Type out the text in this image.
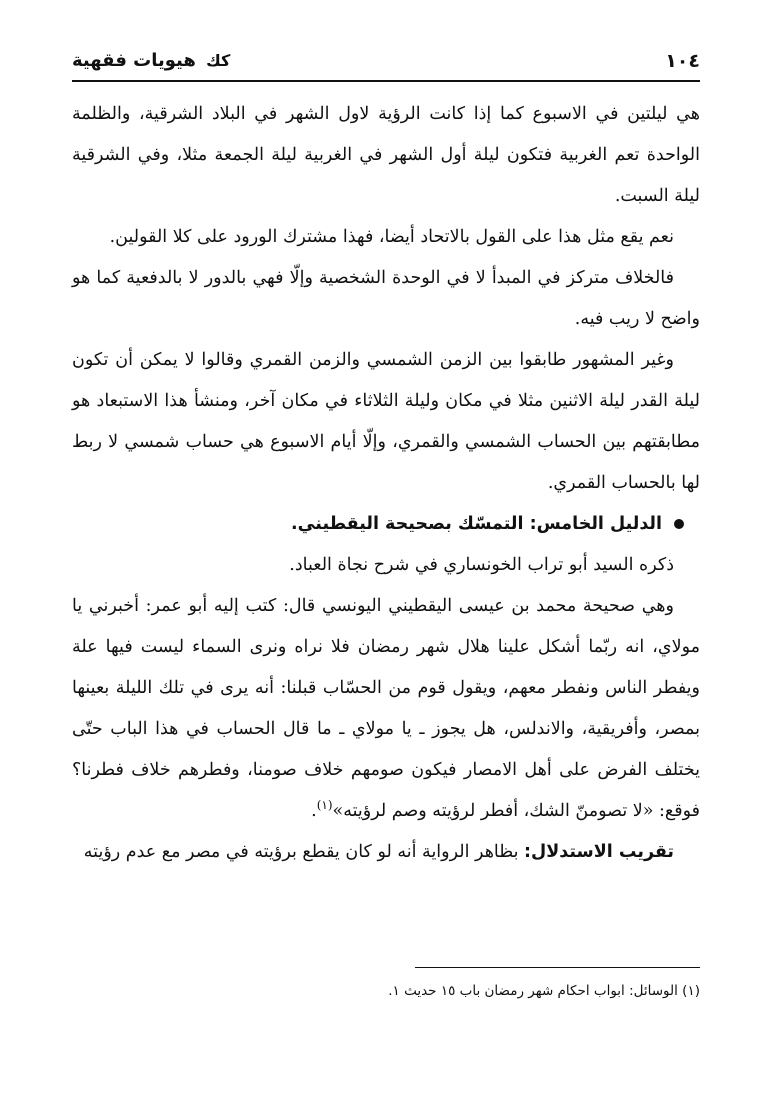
١٠٤
كك هيويات فقهية

هي ليلتين في الاسبوع كما إذا كانت الرؤية لاول الشهر في البلاد الشرقية، والظلمة الواحدة تعم الغربية فتكون ليلة أول الشهر في الغربية ليلة الجمعة مثلا، وفي الشرقية ليلة السبت.

نعم يقع مثل هذا على القول بالاتحاد أيضا، فهذا مشترك الورود على كلا القولين.

فالخلاف متركز في المبدأ لا في الوحدة الشخصية وإلّا فهي بالدور لا بالدفعية كما هو واضح لا ريب فيه.

وغير المشهور طابقوا بين الزمن الشمسي والزمن القمري وقالوا لا يمكن أن تكون ليلة القدر ليلة الاثنين مثلا في مكان وليلة الثلاثاء في مكان آخر، ومنشأ هذا الاستبعاد هو مطابقتهم بين الحساب الشمسي والقمري، وإلّا أيام الاسبوع هي حساب شمسي لا ربط لها بالحساب القمري.

الدليل الخامس: التمسّك بصحيحة اليقطيني.

ذكره السيد أبو تراب الخونساري في شرح نجاة العباد.

وهي صحيحة محمد بن عيسى اليقطيني اليونسي قال: كتب إليه أبو عمر: أخبرني يا مولاي، انه ربّما أشكل علينا هلال شهر رمضان فلا نراه ونرى السماء ليست فيها علة ويفطر الناس ونفطر معهم، ويقول قوم من الحسّاب قبلنا: أنه يرى في تلك الليلة بعينها بمصر، وأفريقية، والاندلس، هل يجوز ـ يا مولاي ـ ما قال الحساب في هذا الباب حتّى يختلف الفرض على أهل الامصار فيكون صومهم خلاف صومنا، وفطرهم خلاف فطرنا؟ فوقع: «لا تصومنّ الشك، أفطر لرؤيته وصم لرؤيته»$^{(١)}$.

تقريب الاستدلال: بظاهر الرواية أنه لو كان يقطع برؤيته في مصر مع عدم رؤيته

(١) الوسائل: ابواب احكام شهر رمضان باب ١٥ حديث ١.
